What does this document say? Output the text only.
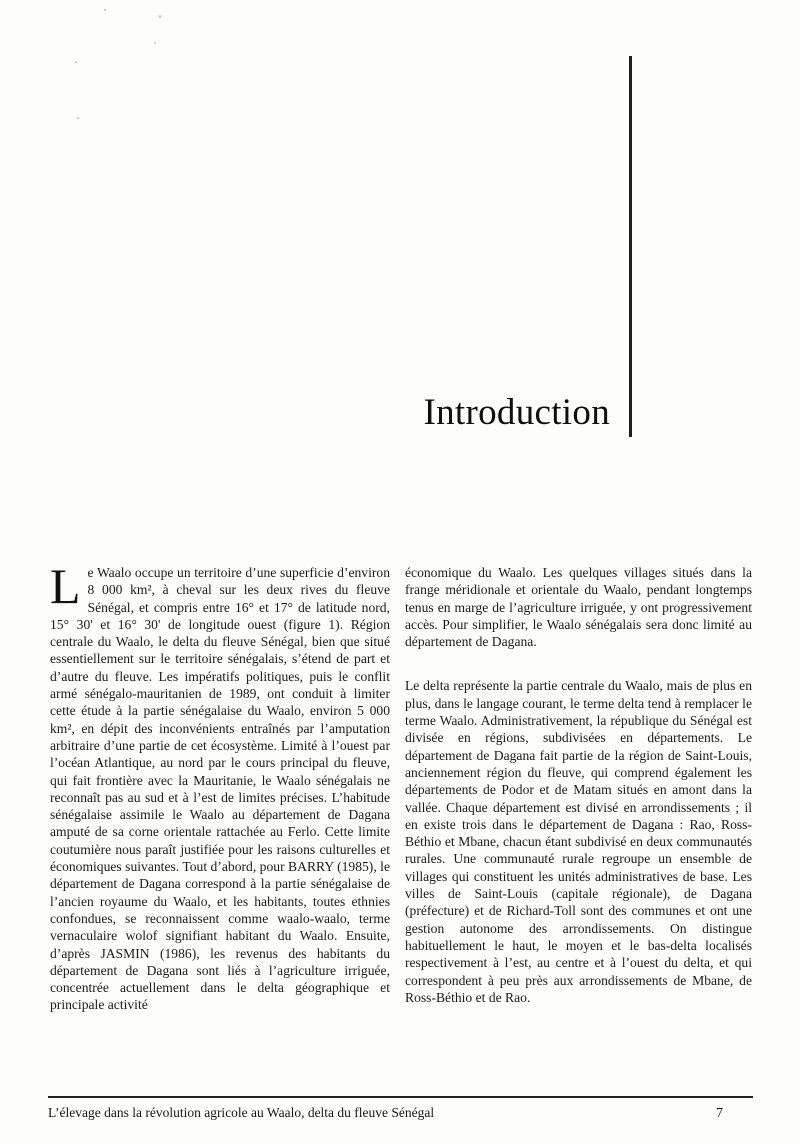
Introduction

Le Waalo occupe un territoire d’une superficie d’environ 8 000 km², à cheval sur les deux rives du fleuve Sénégal, et compris entre 16° et 17° de latitude nord, 15° 30' et 16° 30' de longitude ouest (figure 1). Région centrale du Waalo, le delta du fleuve Sénégal, bien que situé essentiellement sur le territoire sénégalais, s’étend de part et d’autre du fleuve. Les impératifs politiques, puis le conflit armé sénégalo-mauritanien de 1989, ont conduit à limiter cette étude à la partie sénégalaise du Waalo, environ 5 000 km², en dépit des inconvénients entraînés par l’amputation arbitraire d’une partie de cet écosystème. Limité à l’ouest par l’océan Atlantique, au nord par le cours principal du fleuve, qui fait frontière avec la Mauritanie, le Waalo sénégalais ne reconnaît pas au sud et à l’est de limites précises. L’habitude sénégalaise assimile le Waalo au département de Dagana amputé de sa corne orientale rattachée au Ferlo. Cette limite coutumière nous paraît justifiée pour les raisons culturelles et économiques suivantes. Tout d’abord, pour BARRY (1985), le département de Dagana correspond à la partie sénégalaise de l’ancien royaume du Waalo, et les habitants, toutes ethnies confondues, se reconnaissent comme waalo-waalo, terme vernaculaire wolof signifiant habitant du Waalo. Ensuite, d’après JASMIN (1986), les revenus des habitants du département de Dagana sont liés à l’agriculture irriguée, concentrée actuellement dans le delta géographique et principale activité

économique du Waalo. Les quelques villages situés dans la frange méridionale et orientale du Waalo, pendant longtemps tenus en marge de l’agriculture irriguée, y ont progressivement accès. Pour simplifier, le Waalo sénégalais sera donc limité au département de Dagana.

Le delta représente la partie centrale du Waalo, mais de plus en plus, dans le langage courant, le terme delta tend à remplacer le terme Waalo. Administrativement, la république du Sénégal est divisée en régions, subdivisées en départements. Le département de Dagana fait partie de la région de Saint-Louis, anciennement région du fleuve, qui comprend également les départements de Podor et de Matam situés en amont dans la vallée. Chaque département est divisé en arrondissements ; il en existe trois dans le département de Dagana : Rao, Ross-Béthio et Mbane, chacun étant subdivisé en deux communautés rurales. Une communauté rurale regroupe un ensemble de villages qui constituent les unités administratives de base. Les villes de Saint-Louis (capitale régionale), de Dagana (préfecture) et de Richard-Toll sont des communes et ont une gestion autonome des arrondissements. On distingue habituellement le haut, le moyen et le bas-delta localisés respectivement à l’est, au centre et à l’ouest du delta, et qui correspondent à peu près aux arrondissements de Mbane, de Ross-Béthio et de Rao.

L’élevage dans la révolution agricole au Waalo, delta du fleuve Sénégal	7
